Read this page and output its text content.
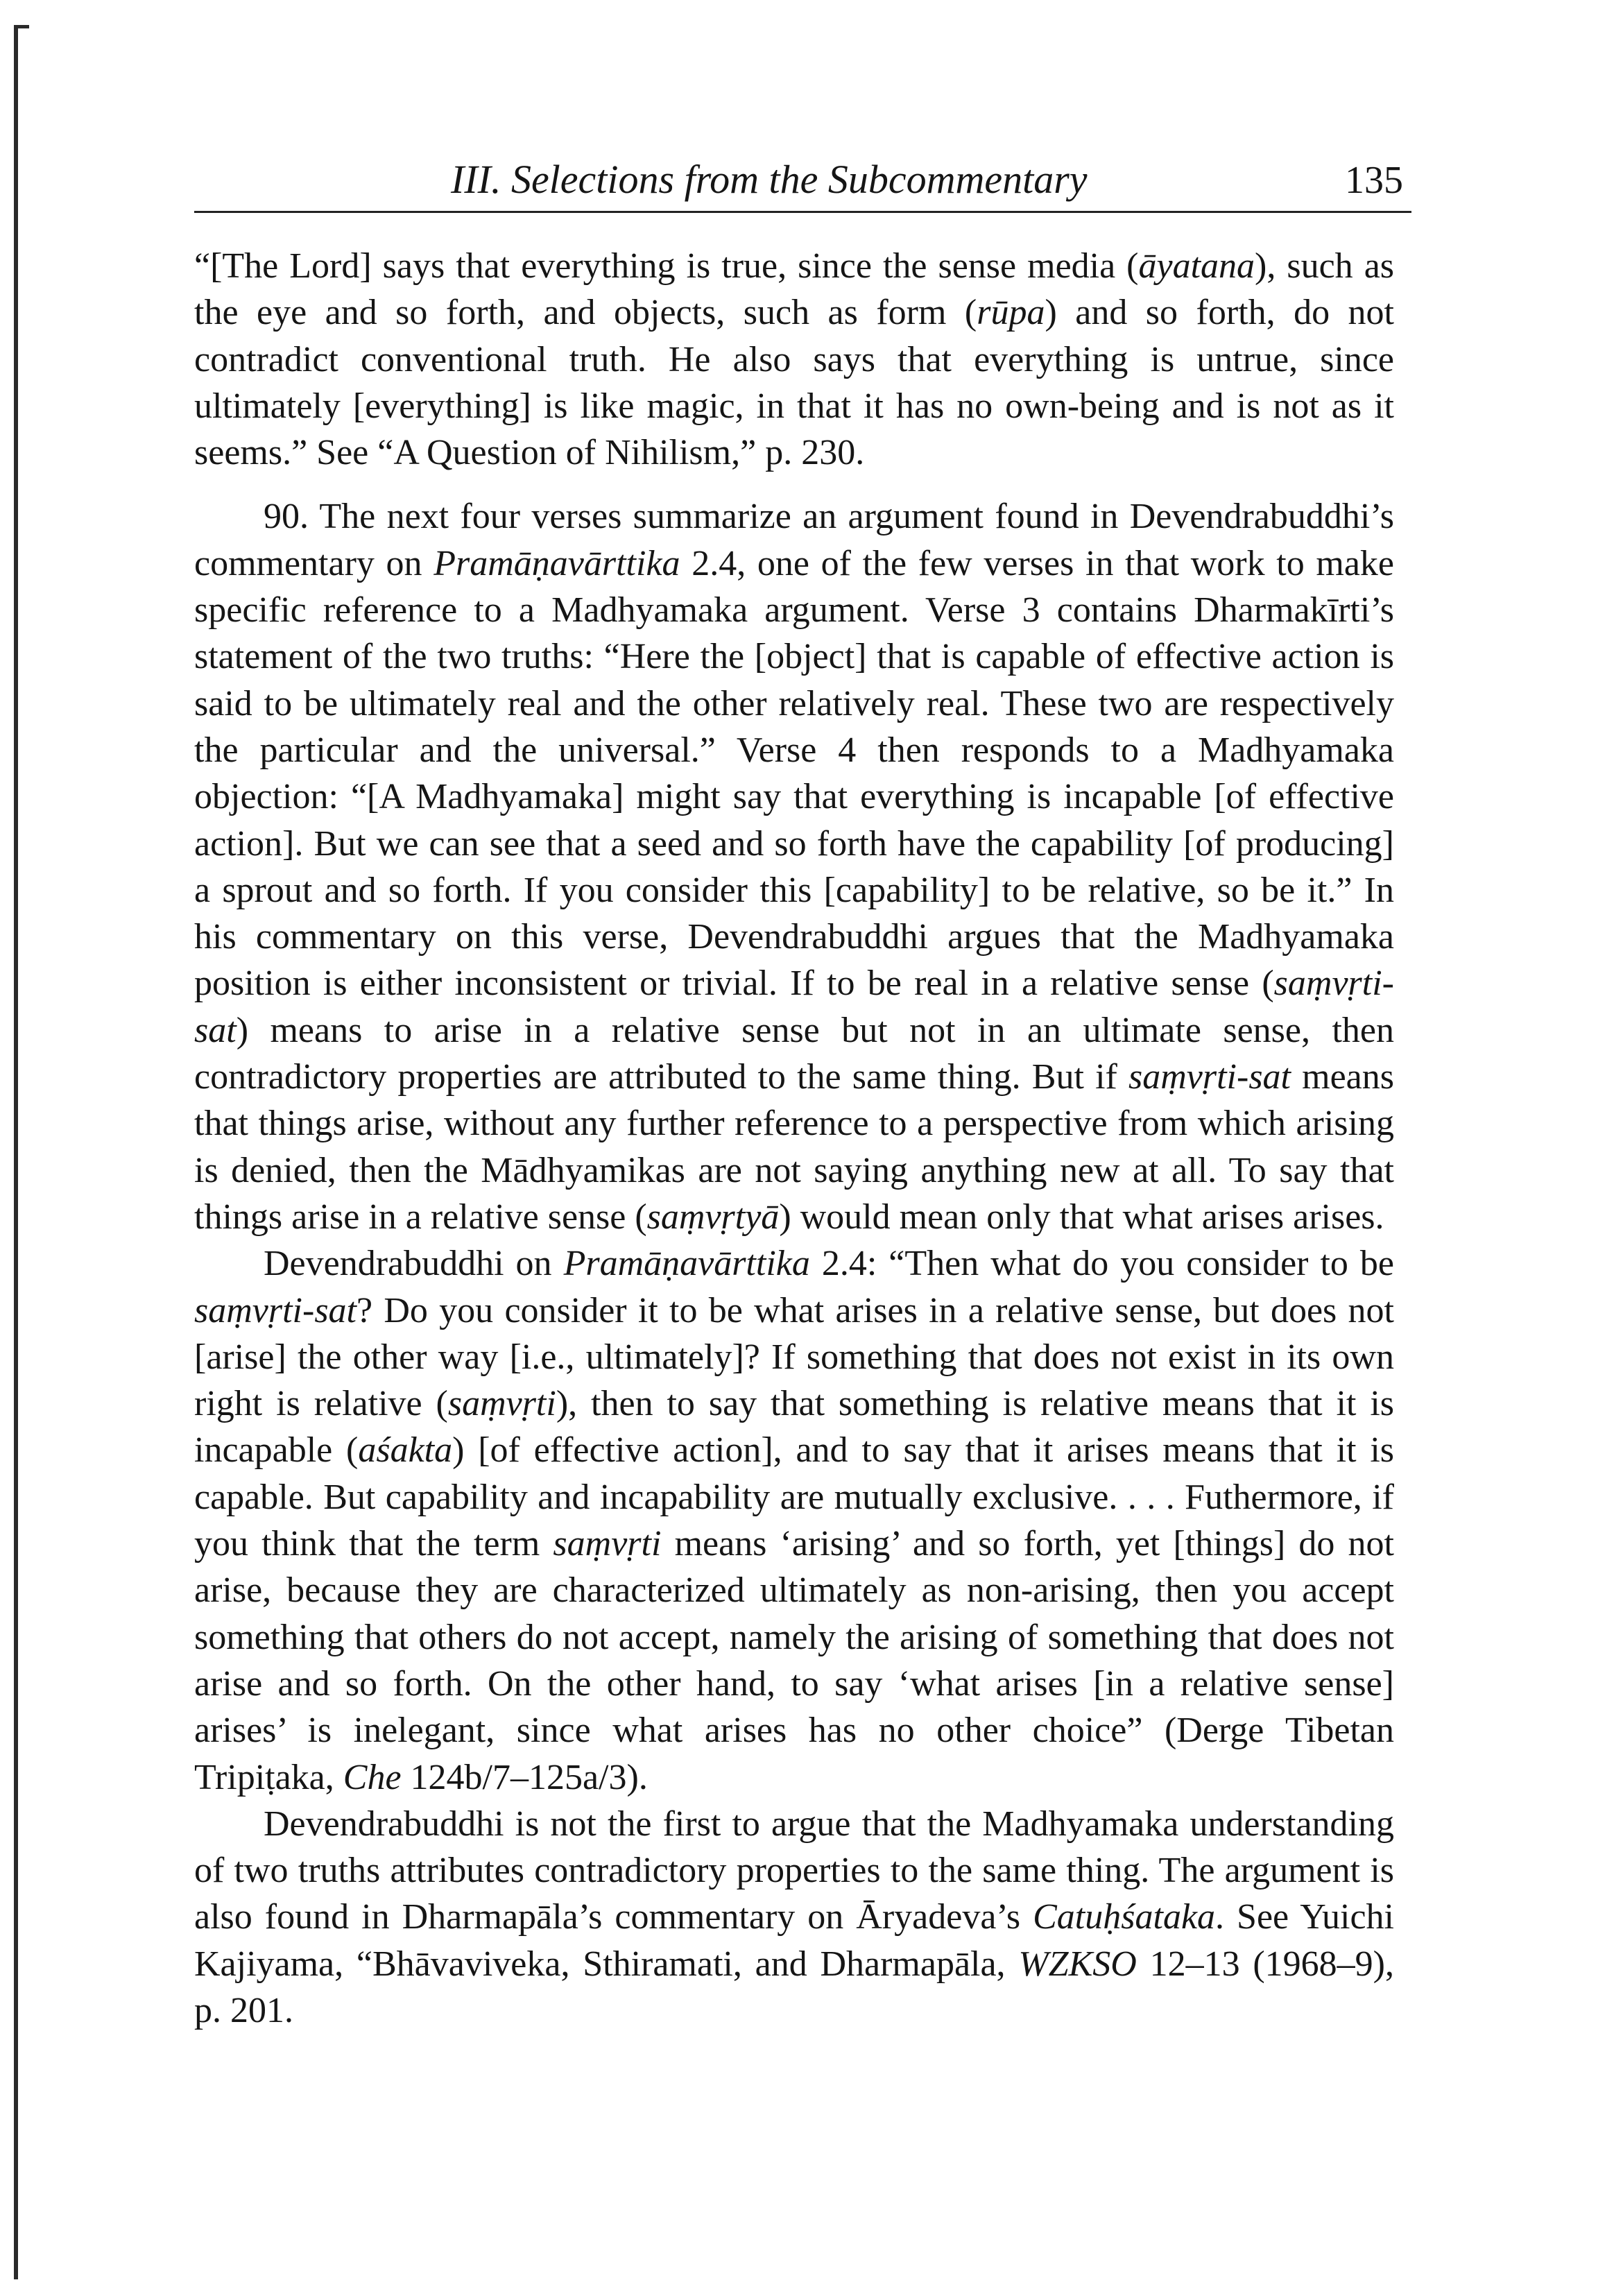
III. Selections from the Subcommentary	135

“[The Lord] says that everything is true, since the sense media (āyatana), such as the eye and so forth, and objects, such as form (rūpa) and so forth, do not contradict conventional truth. He also says that everything is untrue, since ultimately [everything] is like magic, in that it has no own-being and is not as it seems.” See “A Question of Nihilism,” p. 230.

90. The next four verses summarize an argument found in Devendrabuddhi’s commentary on Pramāṇavārttika 2.4, one of the few verses in that work to make specific reference to a Madhyamaka argument. Verse 3 contains Dharmakīrti’s statement of the two truths: “Here the [object] that is capable of effective action is said to be ultimately real and the other relatively real. These two are respectively the particular and the universal.” Verse 4 then responds to a Madhyamaka objection: “[A Madhyamaka] might say that everything is incapable [of effective action]. But we can see that a seed and so forth have the capability [of producing] a sprout and so forth. If you consider this [capability] to be relative, so be it.” In his commentary on this verse, Devendrabuddhi argues that the Madhyamaka position is either inconsistent or trivial. If to be real in a relative sense (saṃvṛti-sat) means to arise in a relative sense but not in an ultimate sense, then contradictory properties are attributed to the same thing. But if saṃvṛti-sat means that things arise, without any further reference to a perspective from which arising is denied, then the Mādhyamikas are not saying anything new at all. To say that things arise in a relative sense (saṃvṛtyā) would mean only that what arises arises.

Devendrabuddhi on Pramāṇavārttika 2.4: “Then what do you consider to be saṃvṛti-sat? Do you consider it to be what arises in a relative sense, but does not [arise] the other way [i.e., ultimately]? If something that does not exist in its own right is relative (saṃvṛti), then to say that something is relative means that it is incapable (aśakta) [of effective action], and to say that it arises means that it is capable. But capability and incapability are mutually exclusive. . . . Futhermore, if you think that the term saṃvṛti means ‘arising’ and so forth, yet [things] do not arise, because they are characterized ultimately as non-arising, then you accept something that others do not accept, namely the arising of something that does not arise and so forth. On the other hand, to say ‘what arises [in a relative sense] arises’ is inelegant, since what arises has no other choice” (Derge Tibetan Tripiṭaka, Che 124b/7–125a/3).

Devendrabuddhi is not the first to argue that the Madhyamaka understanding of two truths attributes contradictory properties to the same thing. The argument is also found in Dharmapāla’s commentary on Āryadeva’s Catuḥśataka. See Yuichi Kajiyama, “Bhāvaviveka, Sthiramati, and Dharmapāla, WZKSO 12–13 (1968–9), p. 201.
